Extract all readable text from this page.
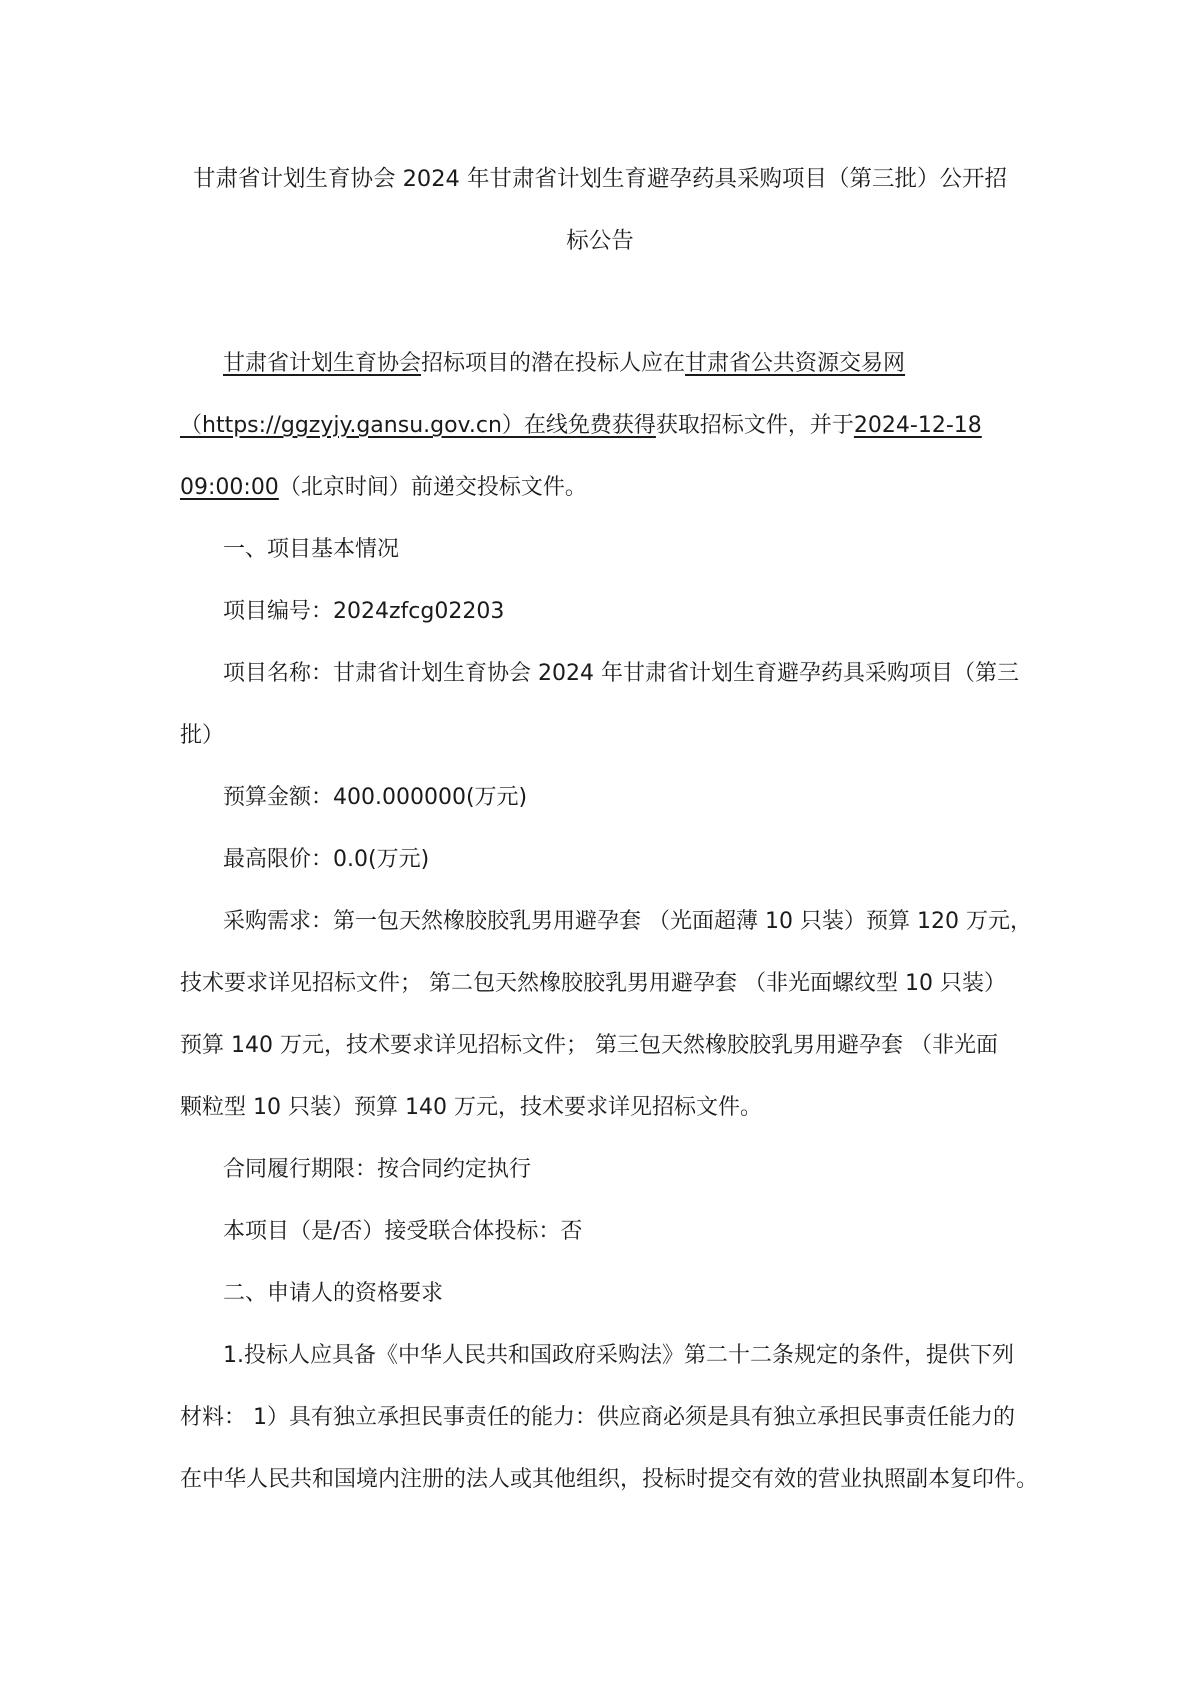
甘肃省计划生育协会 2024 年甘肃省计划生育避孕药具采购项目（第三批）公开招
标公告
甘肃省计划生育协会招标项目的潜在投标人应在甘肃省公共资源交易网
（https://ggzyjy.gansu.gov.cn）在线免费获得获取招标文件，并于2024-12-18
09:00:00（北京时间）前递交投标文件。
一、项目基本情况
项目编号：2024zfcg02203
项目名称：甘肃省计划生育协会 2024 年甘肃省计划生育避孕药具采购项目（第三
批）
预算金额：400.000000(万元)
最高限价：0.0(万元)
采购需求：第一包天然橡胶胶乳男用避孕套 （光面超薄 10 只装）预算 120 万元，
技术要求详见招标文件； 第二包天然橡胶胶乳男用避孕套 （非光面螺纹型 10 只装）
预算 140 万元，技术要求详见招标文件； 第三包天然橡胶胶乳男用避孕套 （非光面
颗粒型 10 只装）预算 140 万元，技术要求详见招标文件。
合同履行期限：按合同约定执行
本项目（是/否）接受联合体投标：否
二、申请人的资格要求
1.投标人应具备《中华人民共和国政府采购法》第二十二条规定的条件，提供下列
材料： 1）具有独立承担民事责任的能力：供应商必须是具有独立承担民事责任能力的
在中华人民共和国境内注册的法人或其他组织，投标时提交有效的营业执照副本复印件。
